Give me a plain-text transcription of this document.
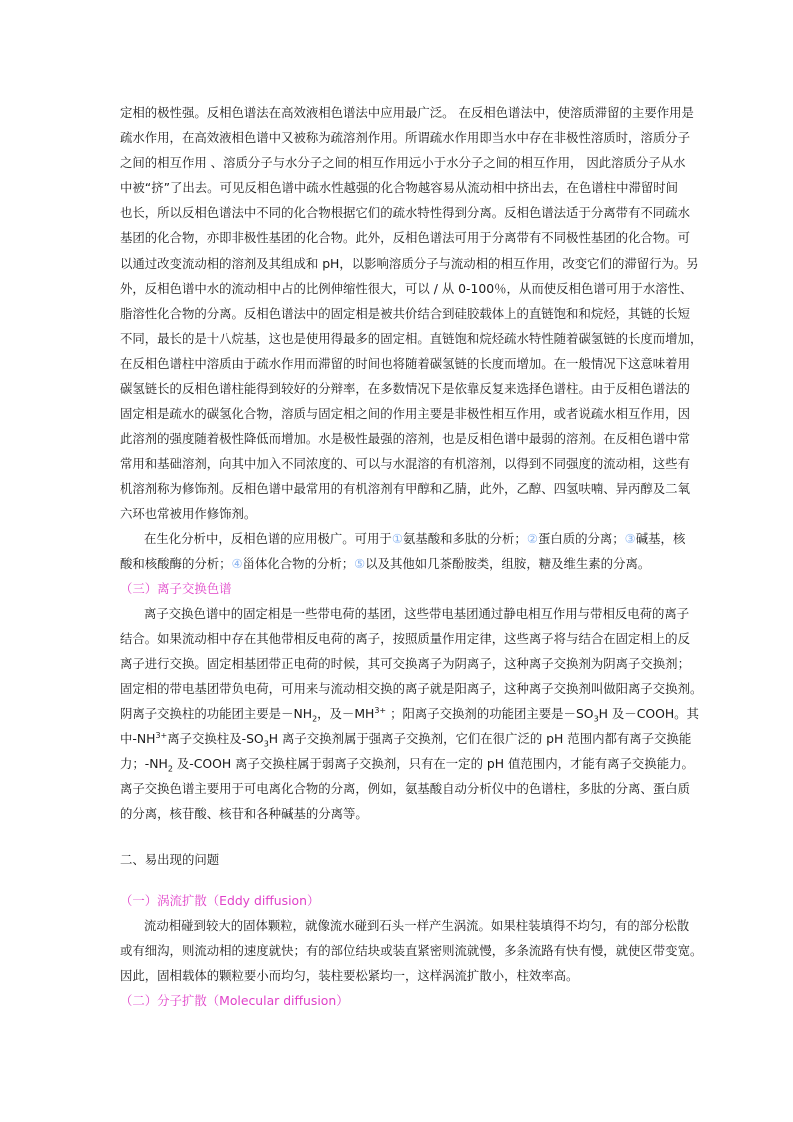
定相的极性强。反相色谱法在高效液相色谱法中应用最广泛。 在反相色谱法中，使溶质滞留的主要作用是
疏水作用，在高效液相色谱中又被称为疏溶剂作用。所谓疏水作用即当水中存在非极性溶质时，溶质分子
之间的相互作用 、溶质分子与水分子之间的相互作用远小于水分子之间的相互作用， 因此溶质分子从水
中被“挤”了出去。可见反相色谱中疏水性越强的化合物越容易从流动相中挤出去，在色谱柱中滞留时间
也长，所以反相色谱法中不同的化合物根据它们的疏水特性得到分离。反相色谱法适于分离带有不同疏水
基团的化合物，亦即非极性基团的化合物。此外，反相色谱法可用于分离带有不同极性基团的化合物。可
以通过改变流动相的溶剂及其组成和 pH，以影响溶质分子与流动相的相互作用，改变它们的滞留行为。另
外，反相色谱中水的流动相中占的比例伸缩性很大，可以 / 从 0-100％，从而使反相色谱可用于水溶性、
脂溶性化合物的分离。反相色谱法中的固定相是被共价结合到硅胶载体上的直链饱和和烷烃，其链的长短
不同，最长的是十八烷基，这也是使用得最多的固定相。直链饱和烷烃疏水特性随着碳氢链的长度而增加，
在反相色谱柱中溶质由于疏水作用而滞留的时间也将随着碳氢链的长度而增加。在一般情况下这意味着用
碳氢链长的反相色谱柱能得到较好的分辩率，在多数情况下是依靠反复来选择色谱柱。由于反相色谱法的
固定相是疏水的碳氢化合物，溶质与固定相之间的作用主要是非极性相互作用，或者说疏水相互作用，因
此溶剂的强度随着极性降低而增加。水是极性最强的溶剂，也是反相色谱中最弱的溶剂。在反相色谱中常
常用和基础溶剂，向其中加入不同浓度的、可以与水混溶的有机溶剂，以得到不同强度的流动相，这些有
机溶剂称为修饰剂。反相色谱中最常用的有机溶剂有甲醇和乙腈，此外，乙醇、四氢呋喃、异丙醇及二氧
六环也常被用作修饰剂。
在生化分析中，反相色谱的应用极广。可用于①氨基酸和多肽的分析；②蛋白质的分离；③碱基，核
酸和核酸酶的分析；④甾体化合物的分析；⑤以及其他如几茶酚胺类，组胺，糖及维生素的分离。
（三）离子交换色谱
离子交换色谱中的固定相是一些带电荷的基团，这些带电基团通过静电相互作用与带相反电荷的离子
结合。如果流动相中存在其他带相反电荷的离子，按照质量作用定律，这些离子将与结合在固定相上的反
离子进行交换。固定相基团带正电荷的时候，其可交换离子为阴离子，这种离子交换剂为阴离子交换剂；
固定相的带电基团带负电荷，可用来与流动相交换的离子就是阳离子，这种离子交换剂叫做阳离子交换剂。
阴离子交换柱的功能团主要是$-NH_2$，及$-MH^{3+}$ ；阳离子交换剂的功能团主要是$-SO_3H$ 及－COOH。其
中$-NH^{3+}$离子交换柱及$-SO_3H$ 离子交换剂属于强离子交换剂，它们在很广泛的 pH 范围内都有离子交换能
力；$-NH_2$ 及-COOH 离子交换柱属于弱离子交换剂，只有在一定的 pH 值范围内，才能有离子交换能力。
离子交换色谱主要用于可电离化合物的分离，例如，氨基酸自动分析仪中的色谱柱，多肽的分离、蛋白质
的分离，核苷酸、核苷和各种碱基的分离等。
二、易出现的问题
（一）涡流扩散（Eddy diffusion）
流动相碰到较大的固体颗粒，就像流水碰到石头一样产生涡流。如果柱装填得不均匀，有的部分松散
或有细沟，则流动相的速度就快；有的部位结块或装直紧密则流就慢，多条流路有快有慢，就使区带变宽。
因此，固相载体的颗粒要小而均匀，装柱要松紧均一，这样涡流扩散小，柱效率高。
（二）分子扩散（Molecular diffusion）
